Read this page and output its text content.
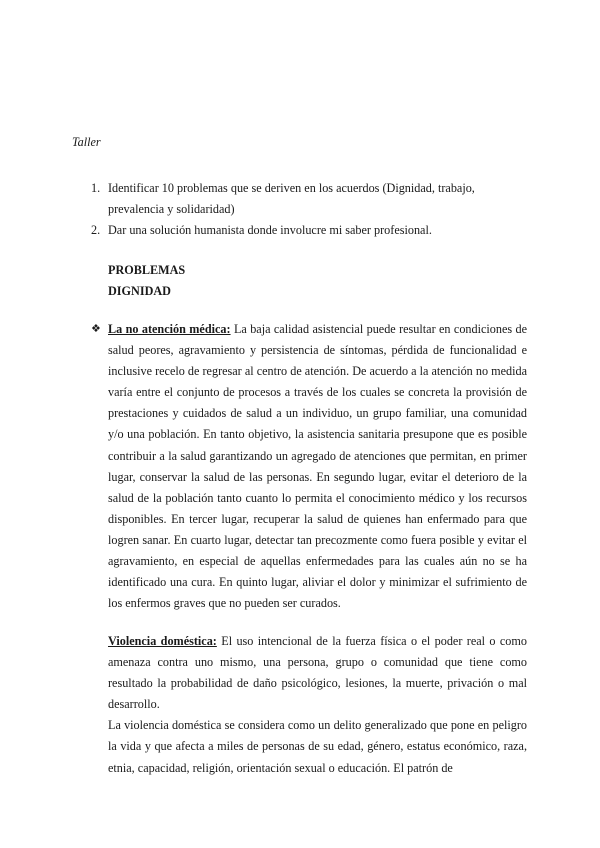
Taller
1. Identificar 10 problemas que se deriven en los acuerdos (Dignidad, trabajo, prevalencia y solidaridad)
2. Dar una solución humanista donde involucre mi saber profesional.
PROBLEMAS
DIGNIDAD
❖ La no atención médica: La baja calidad asistencial puede resultar en condiciones de salud peores, agravamiento y persistencia de síntomas, pérdida de funcionalidad e inclusive recelo de regresar al centro de atención. De acuerdo a la atención no medida varía entre el conjunto de procesos a través de los cuales se concreta la provisión de prestaciones y cuidados de salud a un individuo, un grupo familiar, una comunidad y/o una población. En tanto objetivo, la asistencia sanitaria presupone que es posible contribuir a la salud garantizando un agregado de atenciones que permitan, en primer lugar, conservar la salud de las personas. En segundo lugar, evitar el deterioro de la salud de la población tanto cuanto lo permita el conocimiento médico y los recursos disponibles. En tercer lugar, recuperar la salud de quienes han enfermado para que logren sanar. En cuarto lugar, detectar tan precozmente como fuera posible y evitar el agravamiento, en especial de aquellas enfermedades para las cuales aún no se ha identificado una cura. En quinto lugar, aliviar el dolor y minimizar el sufrimiento de los enfermos graves que no pueden ser curados.

Violencia doméstica: El uso intencional de la fuerza física o el poder real o como amenaza contra uno mismo, una persona, grupo o comunidad que tiene como resultado la probabilidad de daño psicológico, lesiones, la muerte, privación o mal desarrollo.

La violencia doméstica se considera como un delito generalizado que pone en peligro la vida y que afecta a miles de personas de su edad, género, estatus económico, raza, etnia, capacidad, religión, orientación sexual o educación. El patrón de
